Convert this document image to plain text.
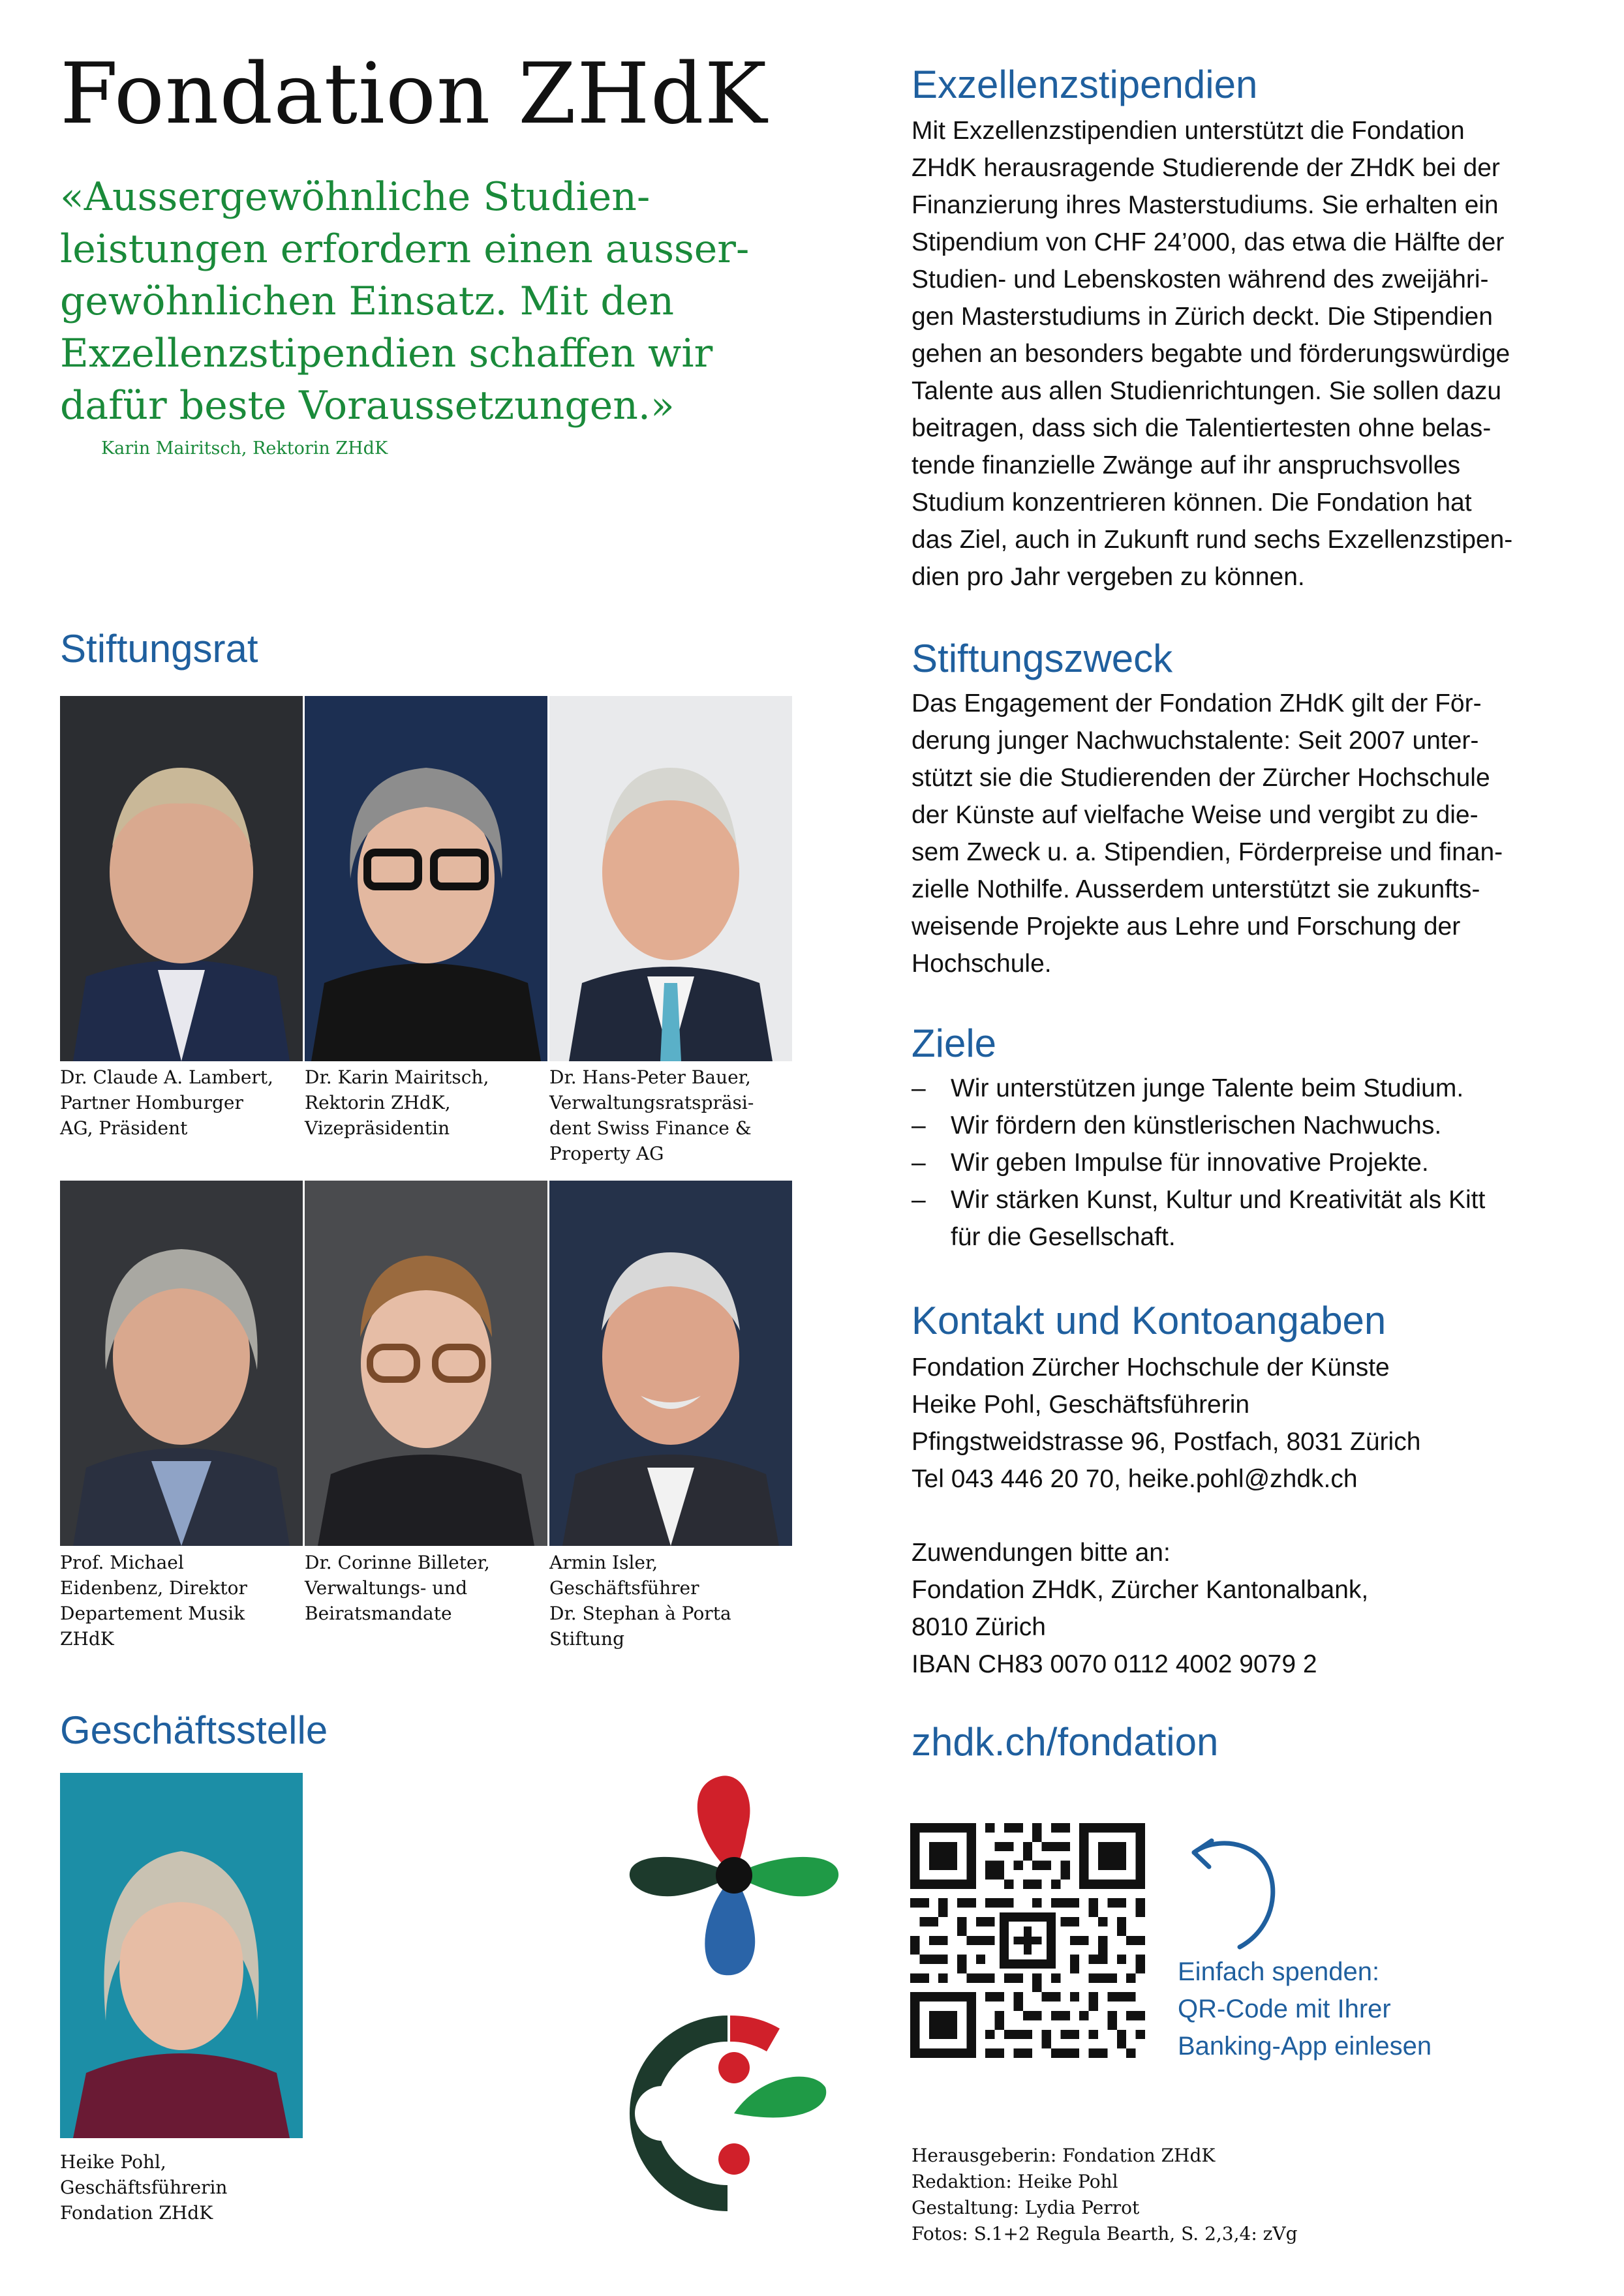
Fondation ZHdK
«Aussergewöhnliche Studien-
leistungen erfordern einen ausser-
gewöhnlichen Einsatz. Mit den
Exzellenzstipendien schaffen wir
dafür beste Voraussetzungen.»
Karin Mairitsch, Rektorin ZHdK
Stiftungsrat
Geschäftsstelle
Dr. Claude A. Lambert,
Partner Homburger
AG, Präsident
Dr. Karin Mairitsch,
Rektorin ZHdK,
Vizepräsidentin
Dr. Hans-Peter Bauer,
Verwaltungsratspräsi-
dent Swiss Finance &
Property AG
Prof. Michael
Eidenbenz, Direktor
Departement Musik
ZHdK
Dr. Corinne Billeter,
Verwaltungs- und
Beiratsmandate
Armin Isler,
Geschäftsführer
Dr. Stephan à Porta
Stiftung
Heike Pohl,
Geschäftsführerin
Fondation ZHdK
Exzellenzstipendien
Mit Exzellenzstipendien unterstützt die Fondation
ZHdK herausragende Studierende der ZHdK bei der
Finanzierung ihres Masterstudiums. Sie erhalten ein
Stipendium von CHF 24’000, das etwa die Hälfte der
Studien- und Lebenskosten während des zweijähri-
gen Masterstudiums in Zürich deckt. Die Stipendien
gehen an besonders begabte und förderungswürdige
Talente aus allen Studienrichtungen. Sie sollen dazu
beitragen, dass sich die Talentiertesten ohne belas-
tende finanzielle Zwänge auf ihr anspruchsvolles
Studium konzentrieren können. Die Fondation hat
das Ziel, auch in Zukunft rund sechs Exzellenzstipen-
dien pro Jahr vergeben zu können.
Stiftungszweck
Das Engagement der Fondation ZHdK gilt der För-
derung junger Nachwuchstalente: Seit 2007 unter-
stützt sie die Studierenden der Zürcher Hochschule
der Künste auf vielfache Weise und vergibt zu die-
sem Zweck u. a. Stipendien, Förderpreise und finan-
zielle Nothilfe. Ausserdem unterstützt sie zukunfts-
weisende Projekte aus Lehre und Forschung der
Hochschule.
Ziele
– Wir unterstützen junge Talente beim Studium.
– Wir fördern den künstlerischen Nachwuchs.
– Wir geben Impulse für innovative Projekte.
– Wir stärken Kunst, Kultur und Kreativität als Kitt
für die Gesellschaft.
Kontakt und Kontoangaben
Fondation Zürcher Hochschule der Künste
Heike Pohl, Geschäftsführerin
Pfingstweidstrasse 96, Postfach, 8031 Zürich
Tel 043 446 20 70, heike.pohl@zhdk.ch
Zuwendungen bitte an:
Fondation ZHdK, Zürcher Kantonalbank,
8010 Zürich
IBAN CH83 0070 0112 4002 9079 2
zhdk.ch/fondation
Einfach spenden:
QR-Code mit Ihrer
Banking-App einlesen
Herausgeberin: Fondation ZHdK
Redaktion: Heike Pohl
Gestaltung: Lydia Perrot
Fotos: S.1+2 Regula Bearth, S. 2,3,4: zVg
